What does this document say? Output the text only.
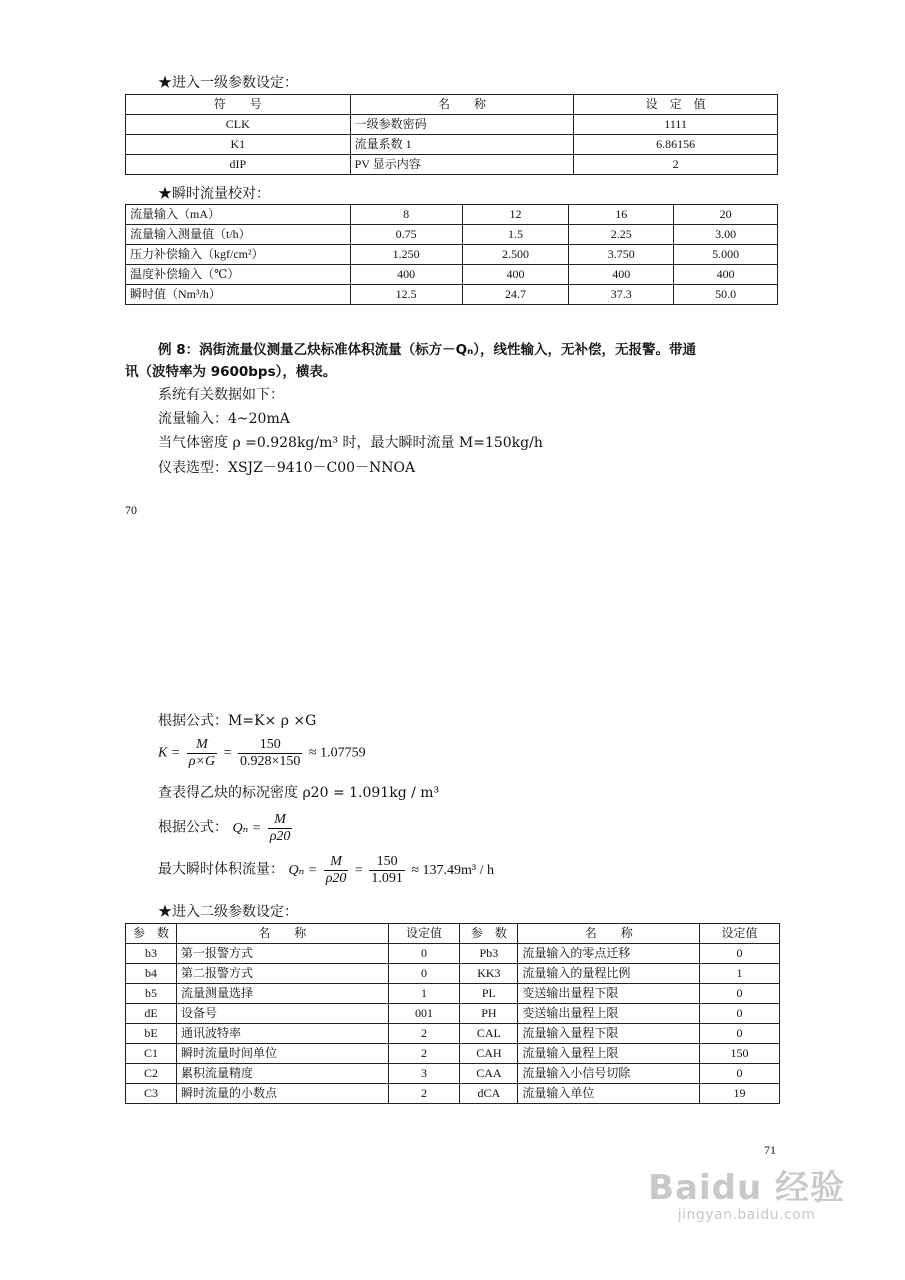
★进入一级参数设定：
符　　号	名　　称	设　定　值
CLK	一级参数密码	1111
K1	流量系数 1	6.86156
dIP	PV 显示内容	2
★瞬时流量校对：
流量输入（mA）	8	12	16	20
流量输入测量值（t/h）	0.75	1.5	2.25	3.00
压力补偿输入（kgf/cm²）	1.250	2.500	3.750	5.000
温度补偿输入（℃）	400	400	400	400
瞬时值（Nm³/h）	12.5	24.7	37.3	50.0
例 8：涡街流量仪测量乙炔标准体积流量（标方－Qₙ），线性输入，无补偿，无报警。带通
讯（波特率为 9600bps），横表。
系统有关数据如下：
流量输入：4~20mA
当气体密度 ρ =0.928kg/m³ 时，最大瞬时流量 M=150kg/h
仪表选型：XSJZ－9410－C00－NNOA
70
根据公式：M=K× ρ ×G
$K = \frac{M}{\rho\times G} = \frac{150}{0.928\times 150} \approx 1.07759$
查表得乙炔的标况密度 ρ20 = 1.091kg / m³
根据公式： $Q_n = \frac{M}{\rho 20}$
最大瞬时体积流量： $Q_n = \frac{M}{\rho 20} = \frac{150}{1.091} \approx 137.49m^3 / h$
★进入二级参数设定：
参　数	名　　称	设定值	参　数	名　　称	设定值
b3	第一报警方式	0	Pb3	流量输入的零点迁移	0
b4	第二报警方式	0	KK3	流量输入的量程比例	1
b5	流量测量选择	1	PL	变送输出量程下限	0
dE	设备号	001	PH	变送输出量程上限	0
bE	通讯波特率	2	CAL	流量输入量程下限	0
C1	瞬时流量时间单位	2	CAH	流量输入量程上限	150
C2	累积流量精度	3	CAA	流量输入小信号切除	0
C3	瞬时流量的小数点	2	dCA	流量输入单位	19
71
Baidu 经验
jingyan.baidu.com
